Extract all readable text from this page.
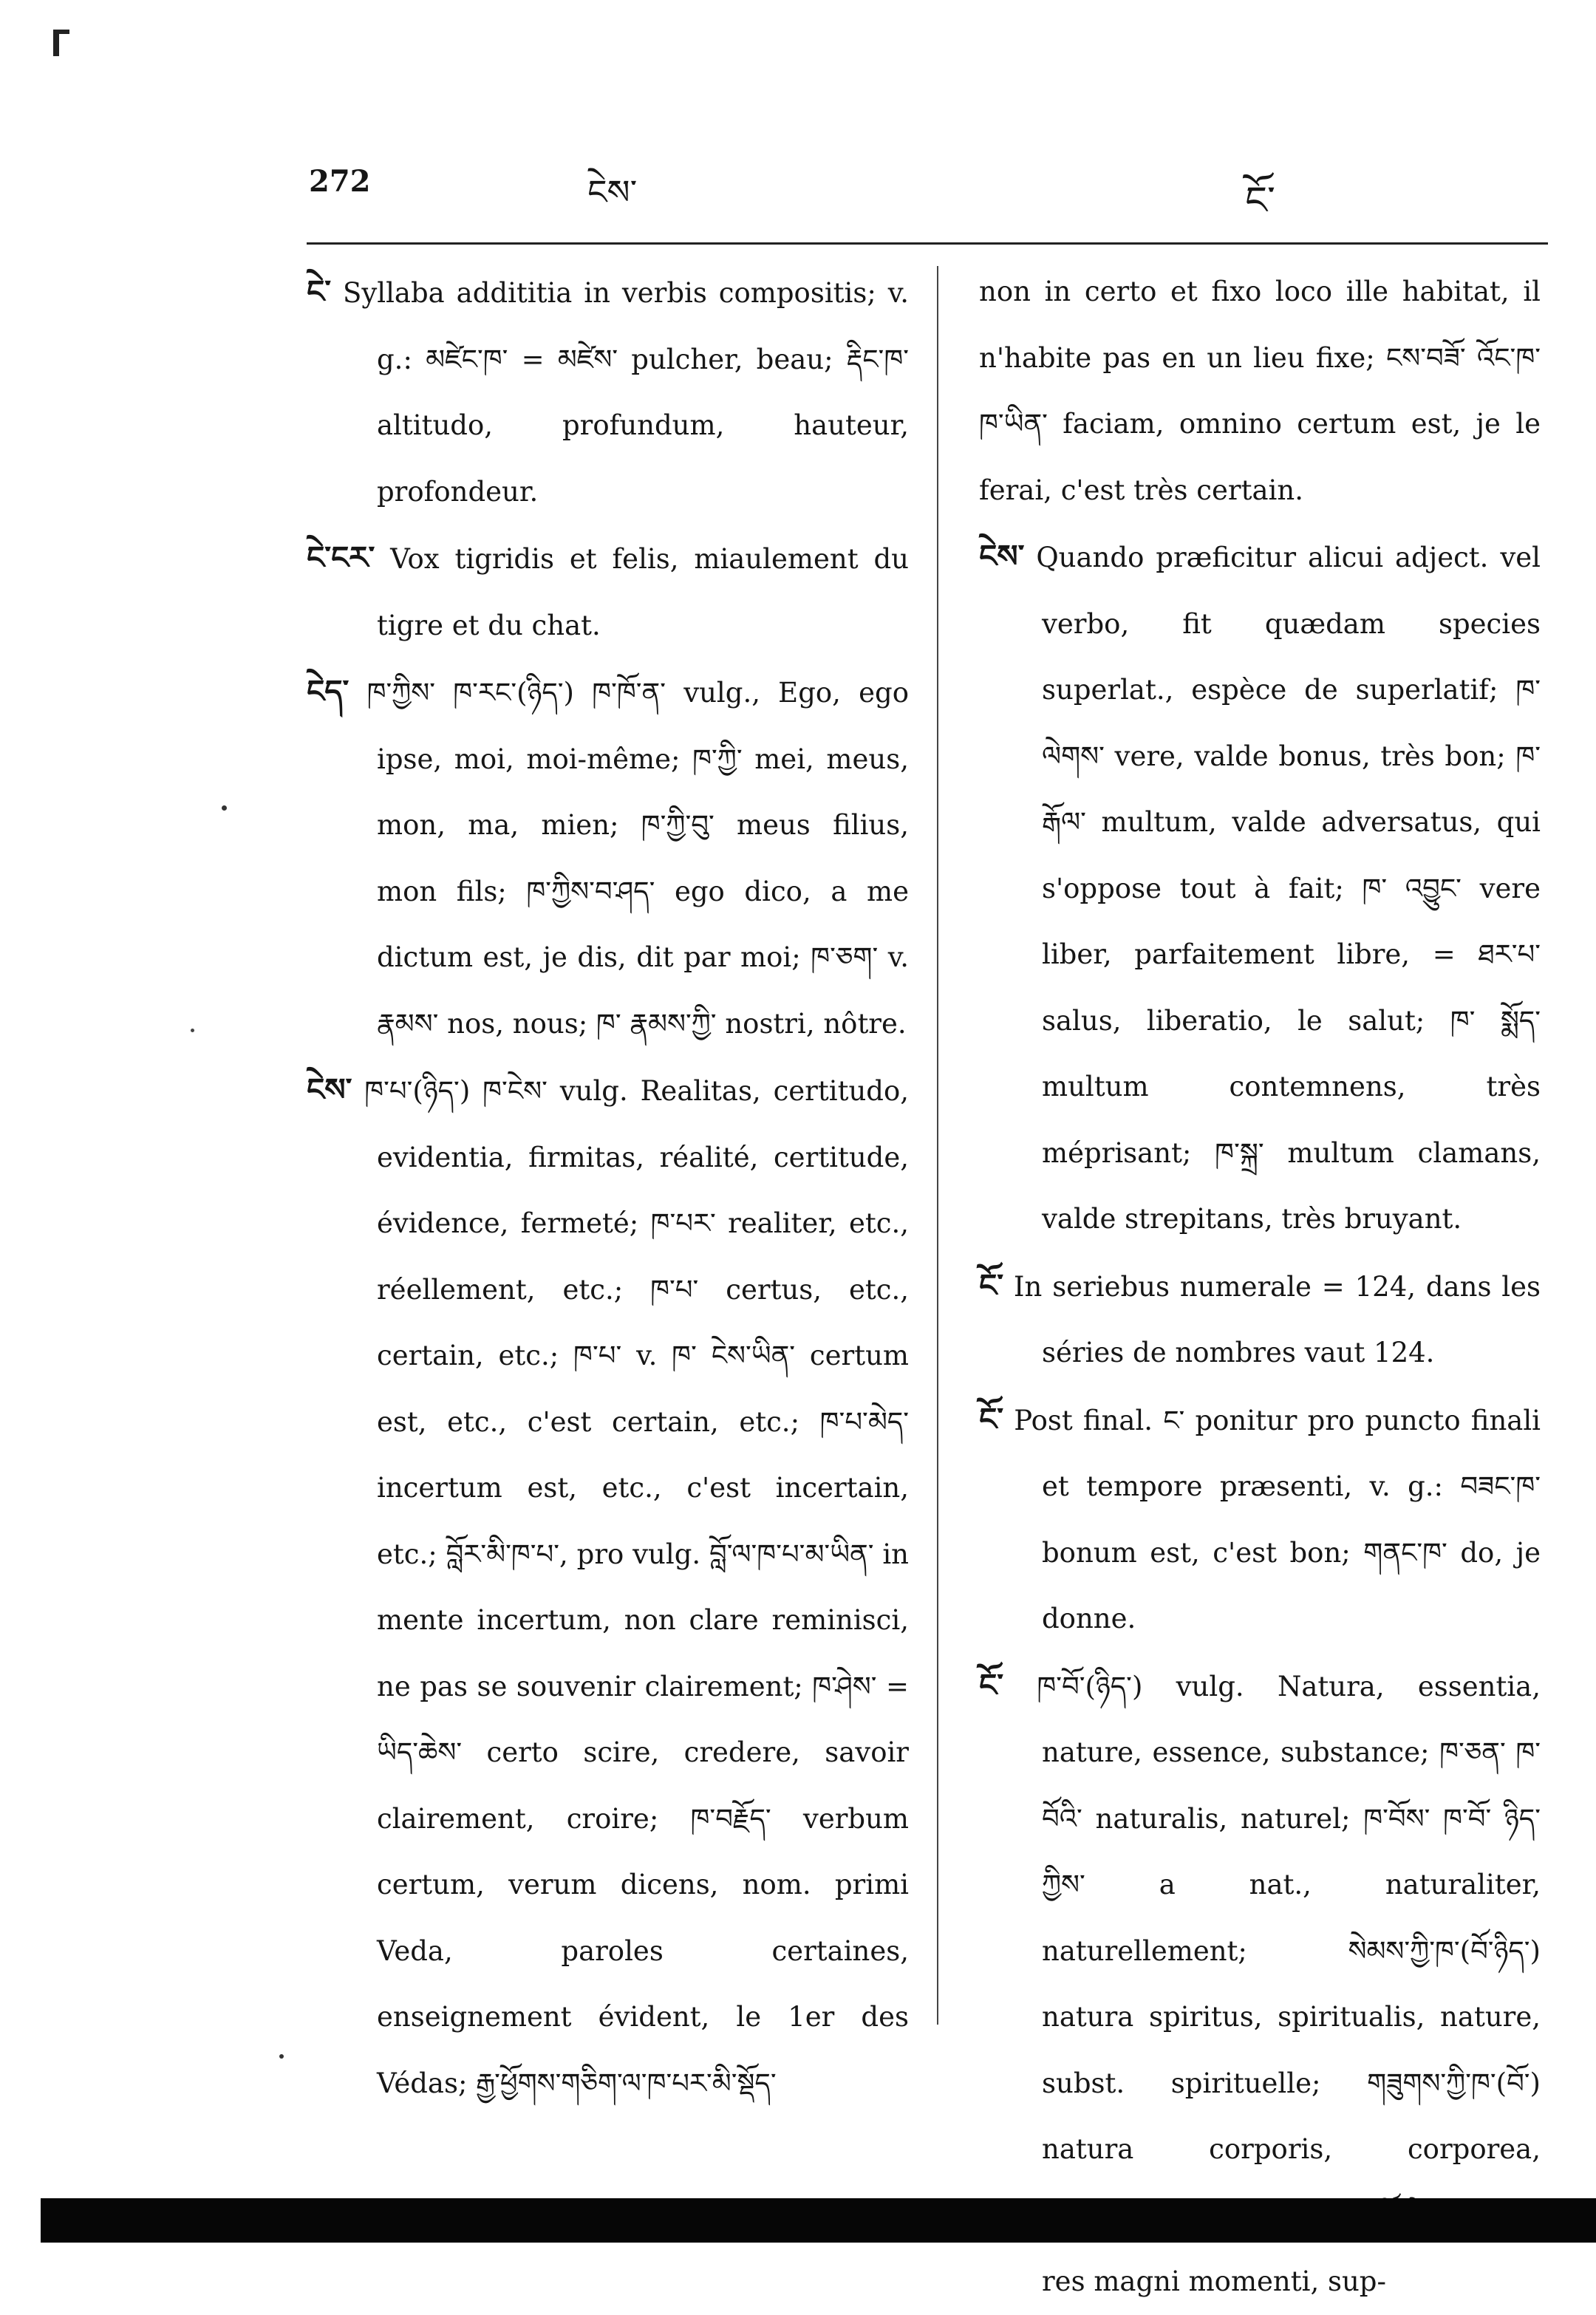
272	ངེས་	ངོ་

ངེ་ Syllaba addititia in verbis compositis; v. g.: མཛེང་ཁ་ = མཛེས་ pulcher, beau; རྡིང་ཁ་ altitudo, profundum, hauteur, profondeur.

ངེ་ངར་ Vox tigridis et felis, miaulement du tigre et du chat.

ངེད་ ཁ་ཀྱིས་ ཁ་རང་(ཉིད་) ཁ་ཁོ་ན་ vulg., Ego, ego ipse, moi, moi-même; ཁ་ཀྱི་ mei, meus, mon, ma, mien; ཁ་ཀྱི་བུ་ meus filius, mon fils; ཁ་ཀྱིས་བ་ཤད་ ego dico, a me dictum est, je dis, dit par moi; ཁ་ཅག་ v. རྣམས་ nos, nous; ཁ་ རྣམས་ཀྱི་ nostri, nôtre.

ངེས་ ཁ་པ་(ཉིད་) ཁ་ངེས་ vulg. Realitas, certitudo, evidentia, firmitas, réalité, certitude, évidence, fermeté; ཁ་པར་ realiter, etc., réellement, etc.; ཁ་པ་ certus, etc., certain, etc.; ཁ་པ་ v. ཁ་ ངེས་ཡིན་ certum est, etc., c'est certain, etc.; ཁ་པ་མེད་ incertum est, etc., c'est incertain, etc.; བློར་མི་ཁ་པ་, pro vulg. བློ་ལ་ཁ་པ་མ་ཡིན་ in mente incertum, non clare reminisci, ne pas se souvenir clairement; ཁ་ཤེས་ = ཡིད་ཆེས་ certo scire, credere, savoir clairement, croire; ཁ་བརྗོད་ verbum certum, verum dicens, nom. primi Veda, paroles certaines, enseignement évident, le 1er des Védas; རྒྱ་ཕྱོགས་གཅིག་ལ་ཁ་པར་མི་སྡོད་

non in certo et fixo loco ille habitat, il n'habite pas en un lieu fixe; ངས་བཟོ་ འོང་ཁ་ཁ་ཡིན་ faciam, omnino certum est, je le ferai, c'est très certain.

ངེས་ Quando præficitur alicui adject. vel verbo, fit quædam species superlat., espèce de superlatif; ཁ་ལེགས་ vere, valde bonus, très bon; ཁ་རྒོལ་ multum, valde adversatus, qui s'oppose tout à fait; ཁ་ འབྱུང་ vere liber, parfaitement libre, = ཐར་པ་ salus, liberatio, le salut; ཁ་ སྨོད་ multum contemnens, très méprisant; ཁ་སྐྲ་ multum clamans, valde strepitans, très bruyant.

ངོ་ In seriebus numerale = 124, dans les séries de nombres vaut 124.

ངོ་ Post final. ང་ ponitur pro puncto finali et tempore præsenti, v. g.: བཟང་ཁ་ bonum est, c'est bon; གནང་ཁ་ do, je donne.

ངོ་ ཁ་བོ་(ཉིད་) vulg. Natura, essentia, nature, essence, substance; ཁ་ཅན་ ཁ་ བོའི་ naturalis, naturel; ཁ་བོས་ ཁ་བོ་ ཉིད་ཀྱིས་ a nat., naturaliter, naturellement; སེམས་ཀྱི་ཁ་(བོ་ཉིད་) natura spiritus, spiritualis, nature, subst. spirituelle; གཟུགས་ཀྱི་ཁ་(བོ་) natura corporis, corporea, res magni momenti, sup-
